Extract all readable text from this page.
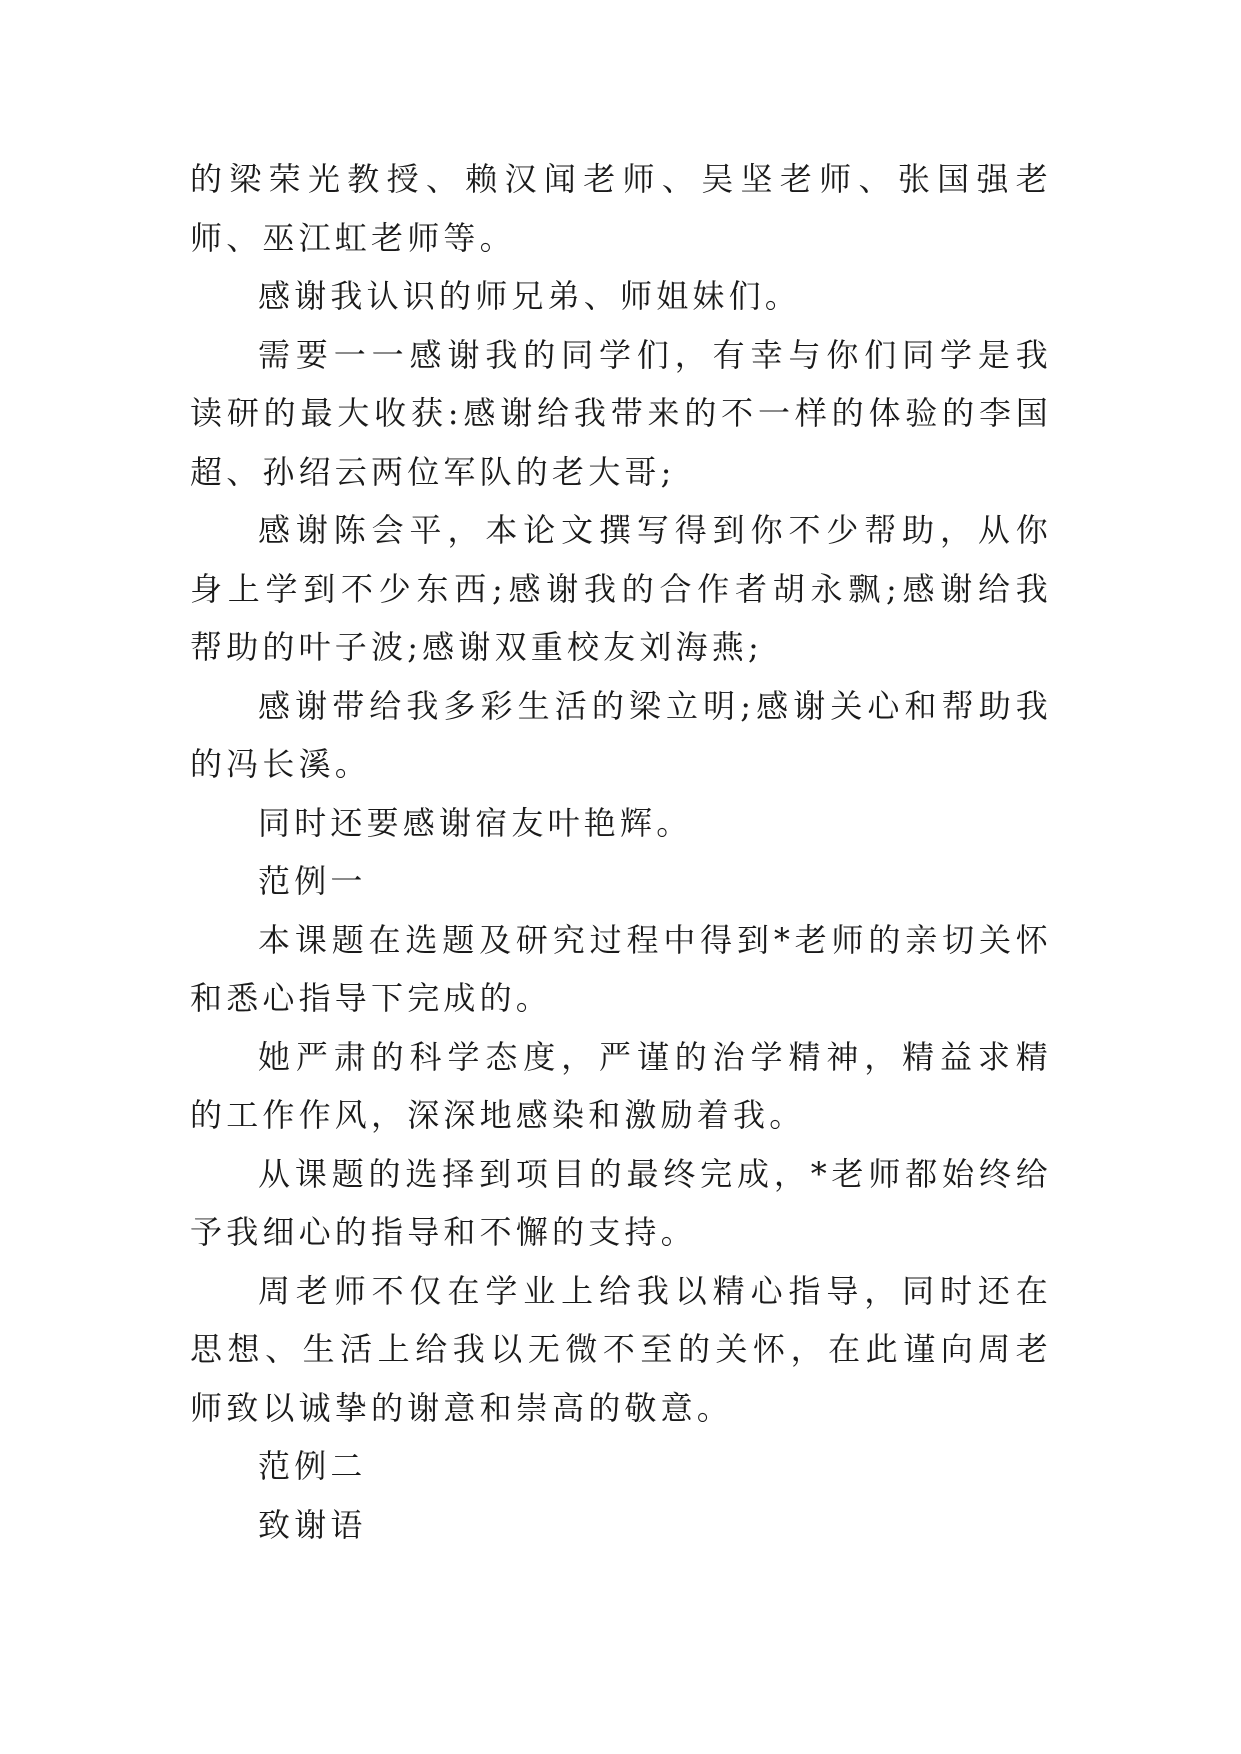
的梁荣光教授、赖汉闻老师、吴坚老师、张国强老师、巫江虹老师等。

感谢我认识的师兄弟、师姐妹们。

需要一一感谢我的同学们，有幸与你们同学是我读研的最大收获:感谢给我带来的不一样的体验的李国超、孙绍云两位军队的老大哥;

感谢陈会平，本论文撰写得到你不少帮助，从你身上学到不少东西;感谢我的合作者胡永飘;感谢给我帮助的叶子波;感谢双重校友刘海燕;

感谢带给我多彩生活的梁立明;感谢关心和帮助我的冯长溪。

同时还要感谢宿友叶艳辉。

范例一

本课题在选题及研究过程中得到*老师的亲切关怀和悉心指导下完成的。

她严肃的科学态度，严谨的治学精神，精益求精的工作作风，深深地感染和激励着我。

从课题的选择到项目的最终完成，*老师都始终给予我细心的指导和不懈的支持。

周老师不仅在学业上给我以精心指导，同时还在思想、生活上给我以无微不至的关怀，在此谨向周老师致以诚挚的谢意和崇高的敬意。

范例二

致谢语
